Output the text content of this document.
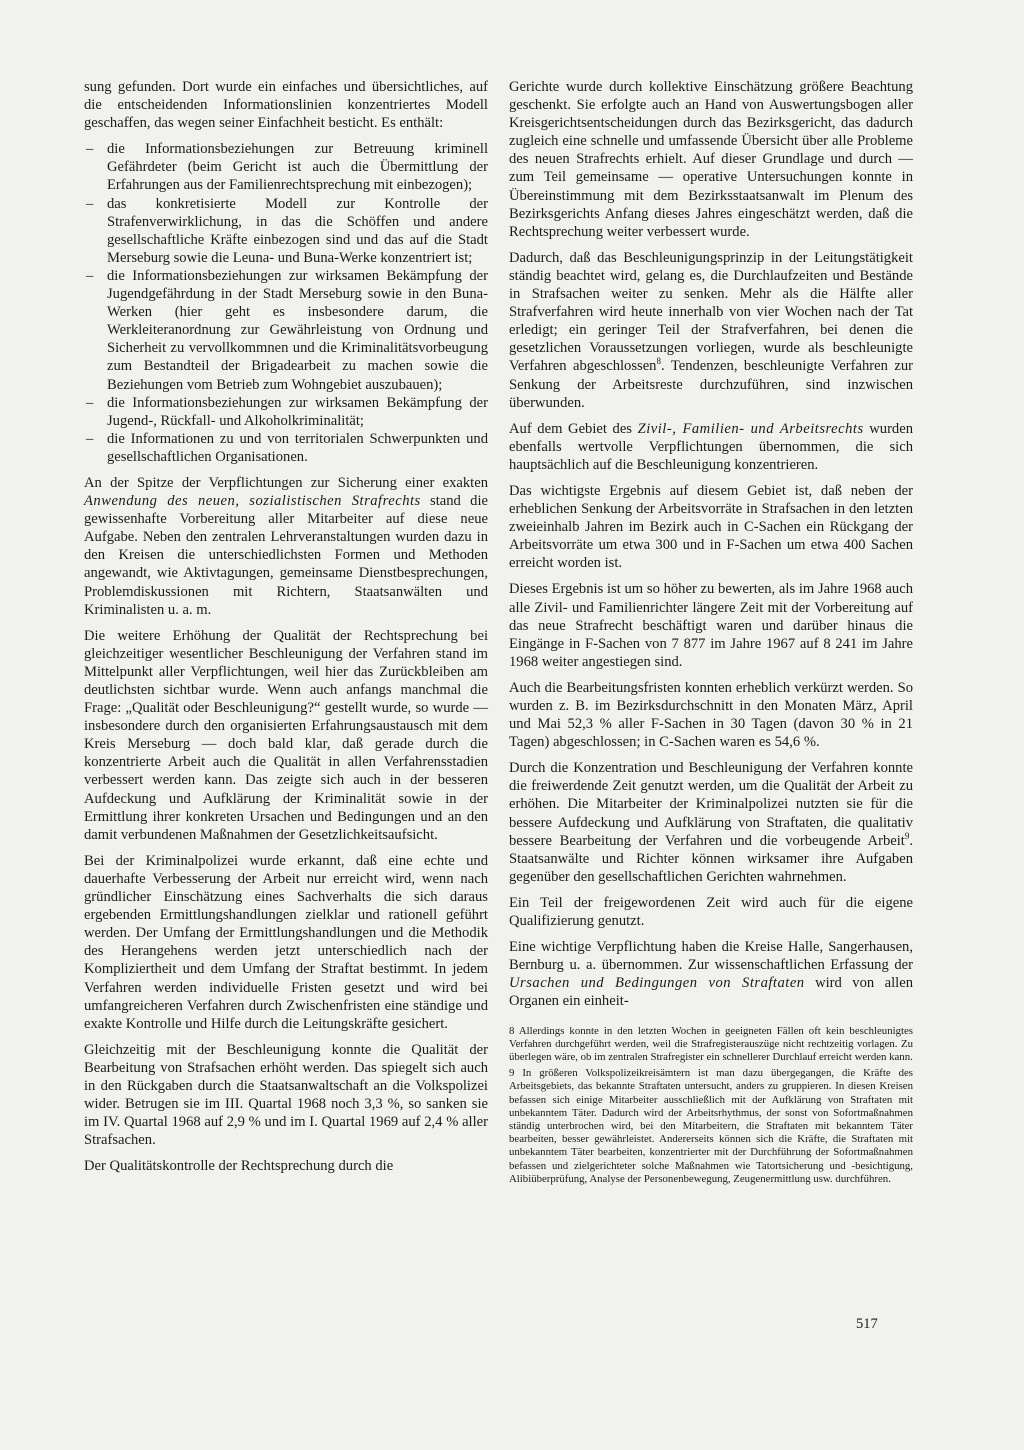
sung gefunden. Dort wurde ein einfaches und übersichtliches, auf die entscheidenden Informationslinien konzentriertes Modell geschaffen, das wegen seiner Einfachheit besticht. Es enthält:

– die Informationsbeziehungen zur Betreuung kriminell Gefährdeter (beim Gericht ist auch die Übermittlung der Erfahrungen aus der Familienrechtsprechung mit einbezogen);
– das konkretisierte Modell zur Kontrolle der Strafenverwirklichung, in das die Schöffen und andere gesellschaftliche Kräfte einbezogen sind und das auf die Stadt Merseburg sowie die Leuna- und Buna-Werke konzentriert ist;
– die Informationsbeziehungen zur wirksamen Bekämpfung der Jugendgefährdung in der Stadt Merseburg sowie in den Buna-Werken (hier geht es insbesondere darum, die Werkleiteranordnung zur Gewährleistung von Ordnung und Sicherheit zu vervollkommnen und die Kriminalitätsvorbeugung zum Bestandteil der Brigadearbeit zu machen sowie die Beziehungen vom Betrieb zum Wohngebiet auszubauen);
– die Informationsbeziehungen zur wirksamen Bekämpfung der Jugend-, Rückfall- und Alkoholkriminalität;
– die Informationen zu und von territorialen Schwerpunkten und gesellschaftlichen Organisationen.

An der Spitze der Verpflichtungen zur Sicherung einer exakten Anwendung des neuen, sozialistischen Strafrechts stand die gewissenhafte Vorbereitung aller Mitarbeiter auf diese neue Aufgabe. Neben den zentralen Lehrveranstaltungen wurden dazu in den Kreisen die unterschiedlichsten Formen und Methoden angewandt, wie Aktivtagungen, gemeinsame Dienstbesprechungen, Problemdiskussionen mit Richtern, Staatsanwälten und Kriminalisten u. a. m.

Die weitere Erhöhung der Qualität der Rechtsprechung bei gleichzeitiger wesentlicher Beschleunigung der Verfahren stand im Mittelpunkt aller Verpflichtungen, weil hier das Zurückbleiben am deutlichsten sichtbar wurde. Wenn auch anfangs manchmal die Frage: „Qualität oder Beschleunigung?“ gestellt wurde, so wurde — insbesondere durch den organisierten Erfahrungsaustausch mit dem Kreis Merseburg — doch bald klar, daß gerade durch die konzentrierte Arbeit auch die Qualität in allen Verfahrensstadien verbessert werden kann. Das zeigte sich auch in der besseren Aufdeckung und Aufklärung der Kriminalität sowie in der Ermittlung ihrer konkreten Ursachen und Bedingungen und an den damit verbundenen Maßnahmen der Gesetzlichkeitsaufsicht.

Bei der Kriminalpolizei wurde erkannt, daß eine echte und dauerhafte Verbesserung der Arbeit nur erreicht wird, wenn nach gründlicher Einschätzung eines Sachverhalts die sich daraus ergebenden Ermittlungshandlungen zielklar und rationell geführt werden. Der Umfang der Ermittlungshandlungen und die Methodik des Herangehens werden jetzt unterschiedlich nach der Kompliziertheit und dem Umfang der Straftat bestimmt. In jedem Verfahren werden individuelle Fristen gesetzt und wird bei umfangreicheren Verfahren durch Zwischenfristen eine ständige und exakte Kontrolle und Hilfe durch die Leitungskräfte gesichert.

Gleichzeitig mit der Beschleunigung konnte die Qualität der Bearbeitung von Strafsachen erhöht werden. Das spiegelt sich auch in den Rückgaben durch die Staatsanwaltschaft an die Volkspolizei wider. Betrugen sie im III. Quartal 1968 noch 3,3 %, so sanken sie im IV. Quartal 1968 auf 2,9 % und im I. Quartal 1969 auf 2,4 % aller Strafsachen.

Der Qualitätskontrolle der Rechtsprechung durch die

Gerichte wurde durch kollektive Einschätzung größere Beachtung geschenkt. Sie erfolgte auch an Hand von Auswertungsbogen aller Kreisgerichtsentscheidungen durch das Bezirksgericht, das dadurch zugleich eine schnelle und umfassende Übersicht über alle Probleme des neuen Strafrechts erhielt. Auf dieser Grundlage und durch — zum Teil gemeinsame — operative Untersuchungen konnte in Übereinstimmung mit dem Bezirksstaatsanwalt im Plenum des Bezirksgerichts Anfang dieses Jahres eingeschätzt werden, daß die Rechtsprechung weiter verbessert wurde.

Dadurch, daß das Beschleunigungsprinzip in der Leitungstätigkeit ständig beachtet wird, gelang es, die Durchlaufzeiten und Bestände in Strafsachen weiter zu senken. Mehr als die Hälfte aller Strafverfahren wird heute innerhalb von vier Wochen nach der Tat erledigt; ein geringer Teil der Strafverfahren, bei denen die gesetzlichen Voraussetzungen vorliegen, wurde als beschleunigte Verfahren abgeschlossen$^8$. Tendenzen, beschleunigte Verfahren zur Senkung der Arbeitsreste durchzuführen, sind inzwischen überwunden.

Auf dem Gebiet des Zivil-, Familien- und Arbeitsrechts wurden ebenfalls wertvolle Verpflichtungen übernommen, die sich hauptsächlich auf die Beschleunigung konzentrieren.

Das wichtigste Ergebnis auf diesem Gebiet ist, daß neben der erheblichen Senkung der Arbeitsvorräte in Strafsachen in den letzten zweieinhalb Jahren im Bezirk auch in C-Sachen ein Rückgang der Arbeitsvorräte um etwa 300 und in F-Sachen um etwa 400 Sachen erreicht worden ist.

Dieses Ergebnis ist um so höher zu bewerten, als im Jahre 1968 auch alle Zivil- und Familienrichter längere Zeit mit der Vorbereitung auf das neue Strafrecht beschäftigt waren und darüber hinaus die Eingänge in F-Sachen von 7 877 im Jahre 1967 auf 8 241 im Jahre 1968 weiter angestiegen sind.

Auch die Bearbeitungsfristen konnten erheblich verkürzt werden. So wurden z. B. im Bezirksdurchschnitt in den Monaten März, April und Mai 52,3 % aller F-Sachen in 30 Tagen (davon 30 % in 21 Tagen) abgeschlossen; in C-Sachen waren es 54,6 %.

Durch die Konzentration und Beschleunigung der Verfahren konnte die freiwerdende Zeit genutzt werden, um die Qualität der Arbeit zu erhöhen. Die Mitarbeiter der Kriminalpolizei nutzten sie für die bessere Aufdeckung und Aufklärung von Straftaten, die qualitativ bessere Bearbeitung der Verfahren und die vorbeugende Arbeit$^9$. Staatsanwälte und Richter können wirksamer ihre Aufgaben gegenüber den gesellschaftlichen Gerichten wahrnehmen.

Ein Teil der freigewordenen Zeit wird auch für die eigene Qualifizierung genutzt.

Eine wichtige Verpflichtung haben die Kreise Halle, Sangerhausen, Bernburg u. a. übernommen. Zur wissenschaftlichen Erfassung der Ursachen und Bedingungen von Straftaten wird von allen Organen ein einheit-

8 Allerdings konnte in den letzten Wochen in geeigneten Fällen oft kein beschleunigtes Verfahren durchgeführt werden, weil die Strafregisterauszüge nicht rechtzeitig vorlagen. Zu überlegen wäre, ob im zentralen Strafregister ein schnellerer Durchlauf erreicht werden kann.

9 In größeren Volkspolizeikreisämtern ist man dazu übergegangen, die Kräfte des Arbeitsgebiets, das bekannte Straftaten untersucht, anders zu gruppieren. In diesen Kreisen befassen sich einige Mitarbeiter ausschließlich mit der Aufklärung von Straftaten mit unbekanntem Täter. Dadurch wird der Arbeitsrhythmus, der sonst von Sofortmaßnahmen ständig unterbrochen wird, bei den Mitarbeitern, die Straftaten mit bekanntem Täter bearbeiten, besser gewährleistet. Andererseits können sich die Kräfte, die Straftaten mit unbekanntem Täter bearbeiten, konzentrierter mit der Durchführung der Sofortmaßnahmen befassen und zielgerichteter solche Maßnahmen wie Tatortsicherung und -besichtigung, Alibiüberprüfung, Analyse der Personenbewegung, Zeugenermittlung usw. durchführen.

517
